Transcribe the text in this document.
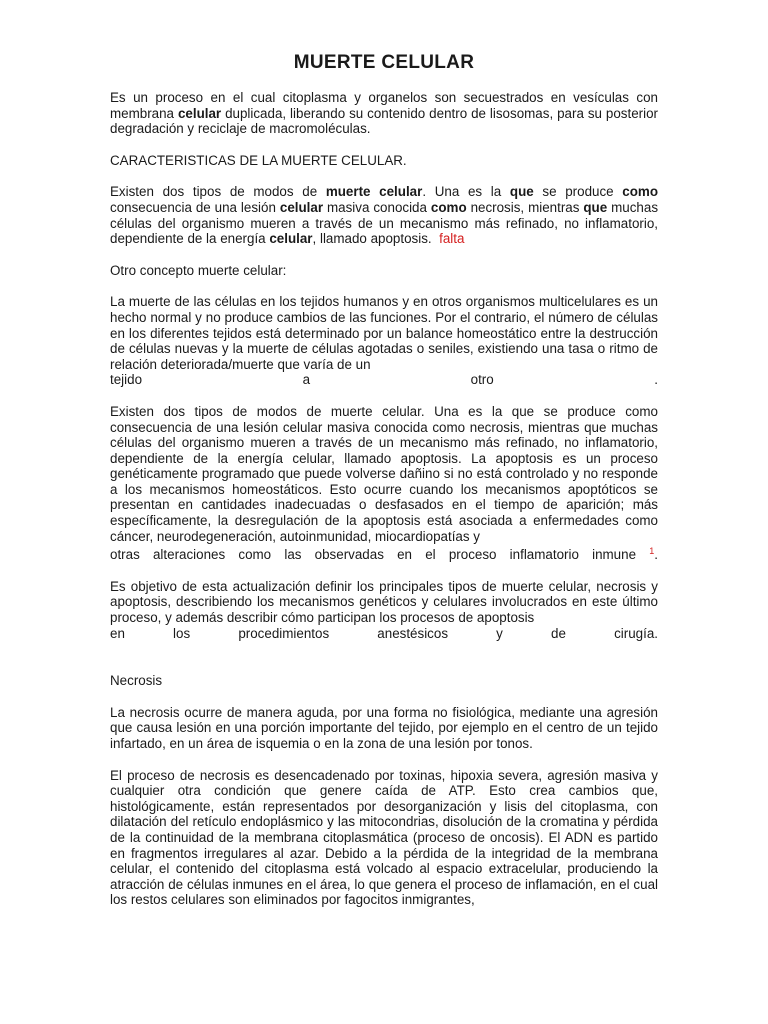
MUERTE CELULAR

Es un proceso en el cual citoplasma y organelos son secuestrados en vesículas con membrana celular duplicada, liberando su contenido dentro de lisosomas, para su posterior degradación y reciclaje de macromoléculas.

CARACTERISTICAS DE LA MUERTE CELULAR.

Existen dos tipos de modos de muerte celular. Una es la que se produce como consecuencia de una lesión celular masiva conocida como necrosis, mientras que muchas células del organismo mueren a través de un mecanismo más refinado, no inflamatorio, dependiente de la energía celular, llamado apoptosis. falta

Otro concepto muerte celular:

La muerte de las células en los tejidos humanos y en otros organismos multicelulares es un hecho normal y no produce cambios de las funciones. Por el contrario, el número de células en los diferentes tejidos está determinado por un balance homeostático entre la destrucción de células nuevas y la muerte de células agotadas o seniles, existiendo una tasa o ritmo de relación deteriorada/muerte que varía de un

tejido a otro .

Existen dos tipos de modos de muerte celular. Una es la que se produce como consecuencia de una lesión celular masiva conocida como necrosis, mientras que muchas células del organismo mueren a través de un mecanismo más refinado, no inflamatorio, dependiente de la energía celular, llamado apoptosis. La apoptosis es un proceso genéticamente programado que puede volverse dañino si no está controlado y no responde a los mecanismos homeostáticos. Esto ocurre cuando los mecanismos apoptóticos se presentan en cantidades inadecuadas o desfasados en el tiempo de aparición; más específicamente, la desregulación de la apoptosis está asociada a enfermedades como cáncer, neurodegeneración, autoinmunidad, miocardiopatías y

otras alteraciones como las observadas en el proceso inflamatorio inmune $^1$.

Es objetivo de esta actualización definir los principales tipos de muerte celular, necrosis y apoptosis, describiendo los mecanismos genéticos y celulares involucrados en este último proceso, y además describir cómo participan los procesos de apoptosis

en los procedimientos anestésicos y de cirugía.

Necrosis

La necrosis ocurre de manera aguda, por una forma no fisiológica, mediante una agresión que causa lesión en una porción importante del tejido, por ejemplo en el centro de un tejido infartado, en un área de isquemia o en la zona de una lesión por tonos.

El proceso de necrosis es desencadenado por toxinas, hipoxia severa, agresión masiva y cualquier otra condición que genere caída de ATP. Esto crea cambios que, histológicamente, están representados por desorganización y lisis del citoplasma, con dilatación del retículo endoplásmico y las mitocondrias, disolución de la cromatina y pérdida de la continuidad de la membrana citoplasmática (proceso de oncosis). El ADN es partido en fragmentos irregulares al azar. Debido a la pérdida de la integridad de la membrana celular, el contenido del citoplasma está volcado al espacio extracelular, produciendo la atracción de células inmunes en el área, lo que genera el proceso de inflamación, en el cual los restos celulares son eliminados por fagocitos inmigrantes,
